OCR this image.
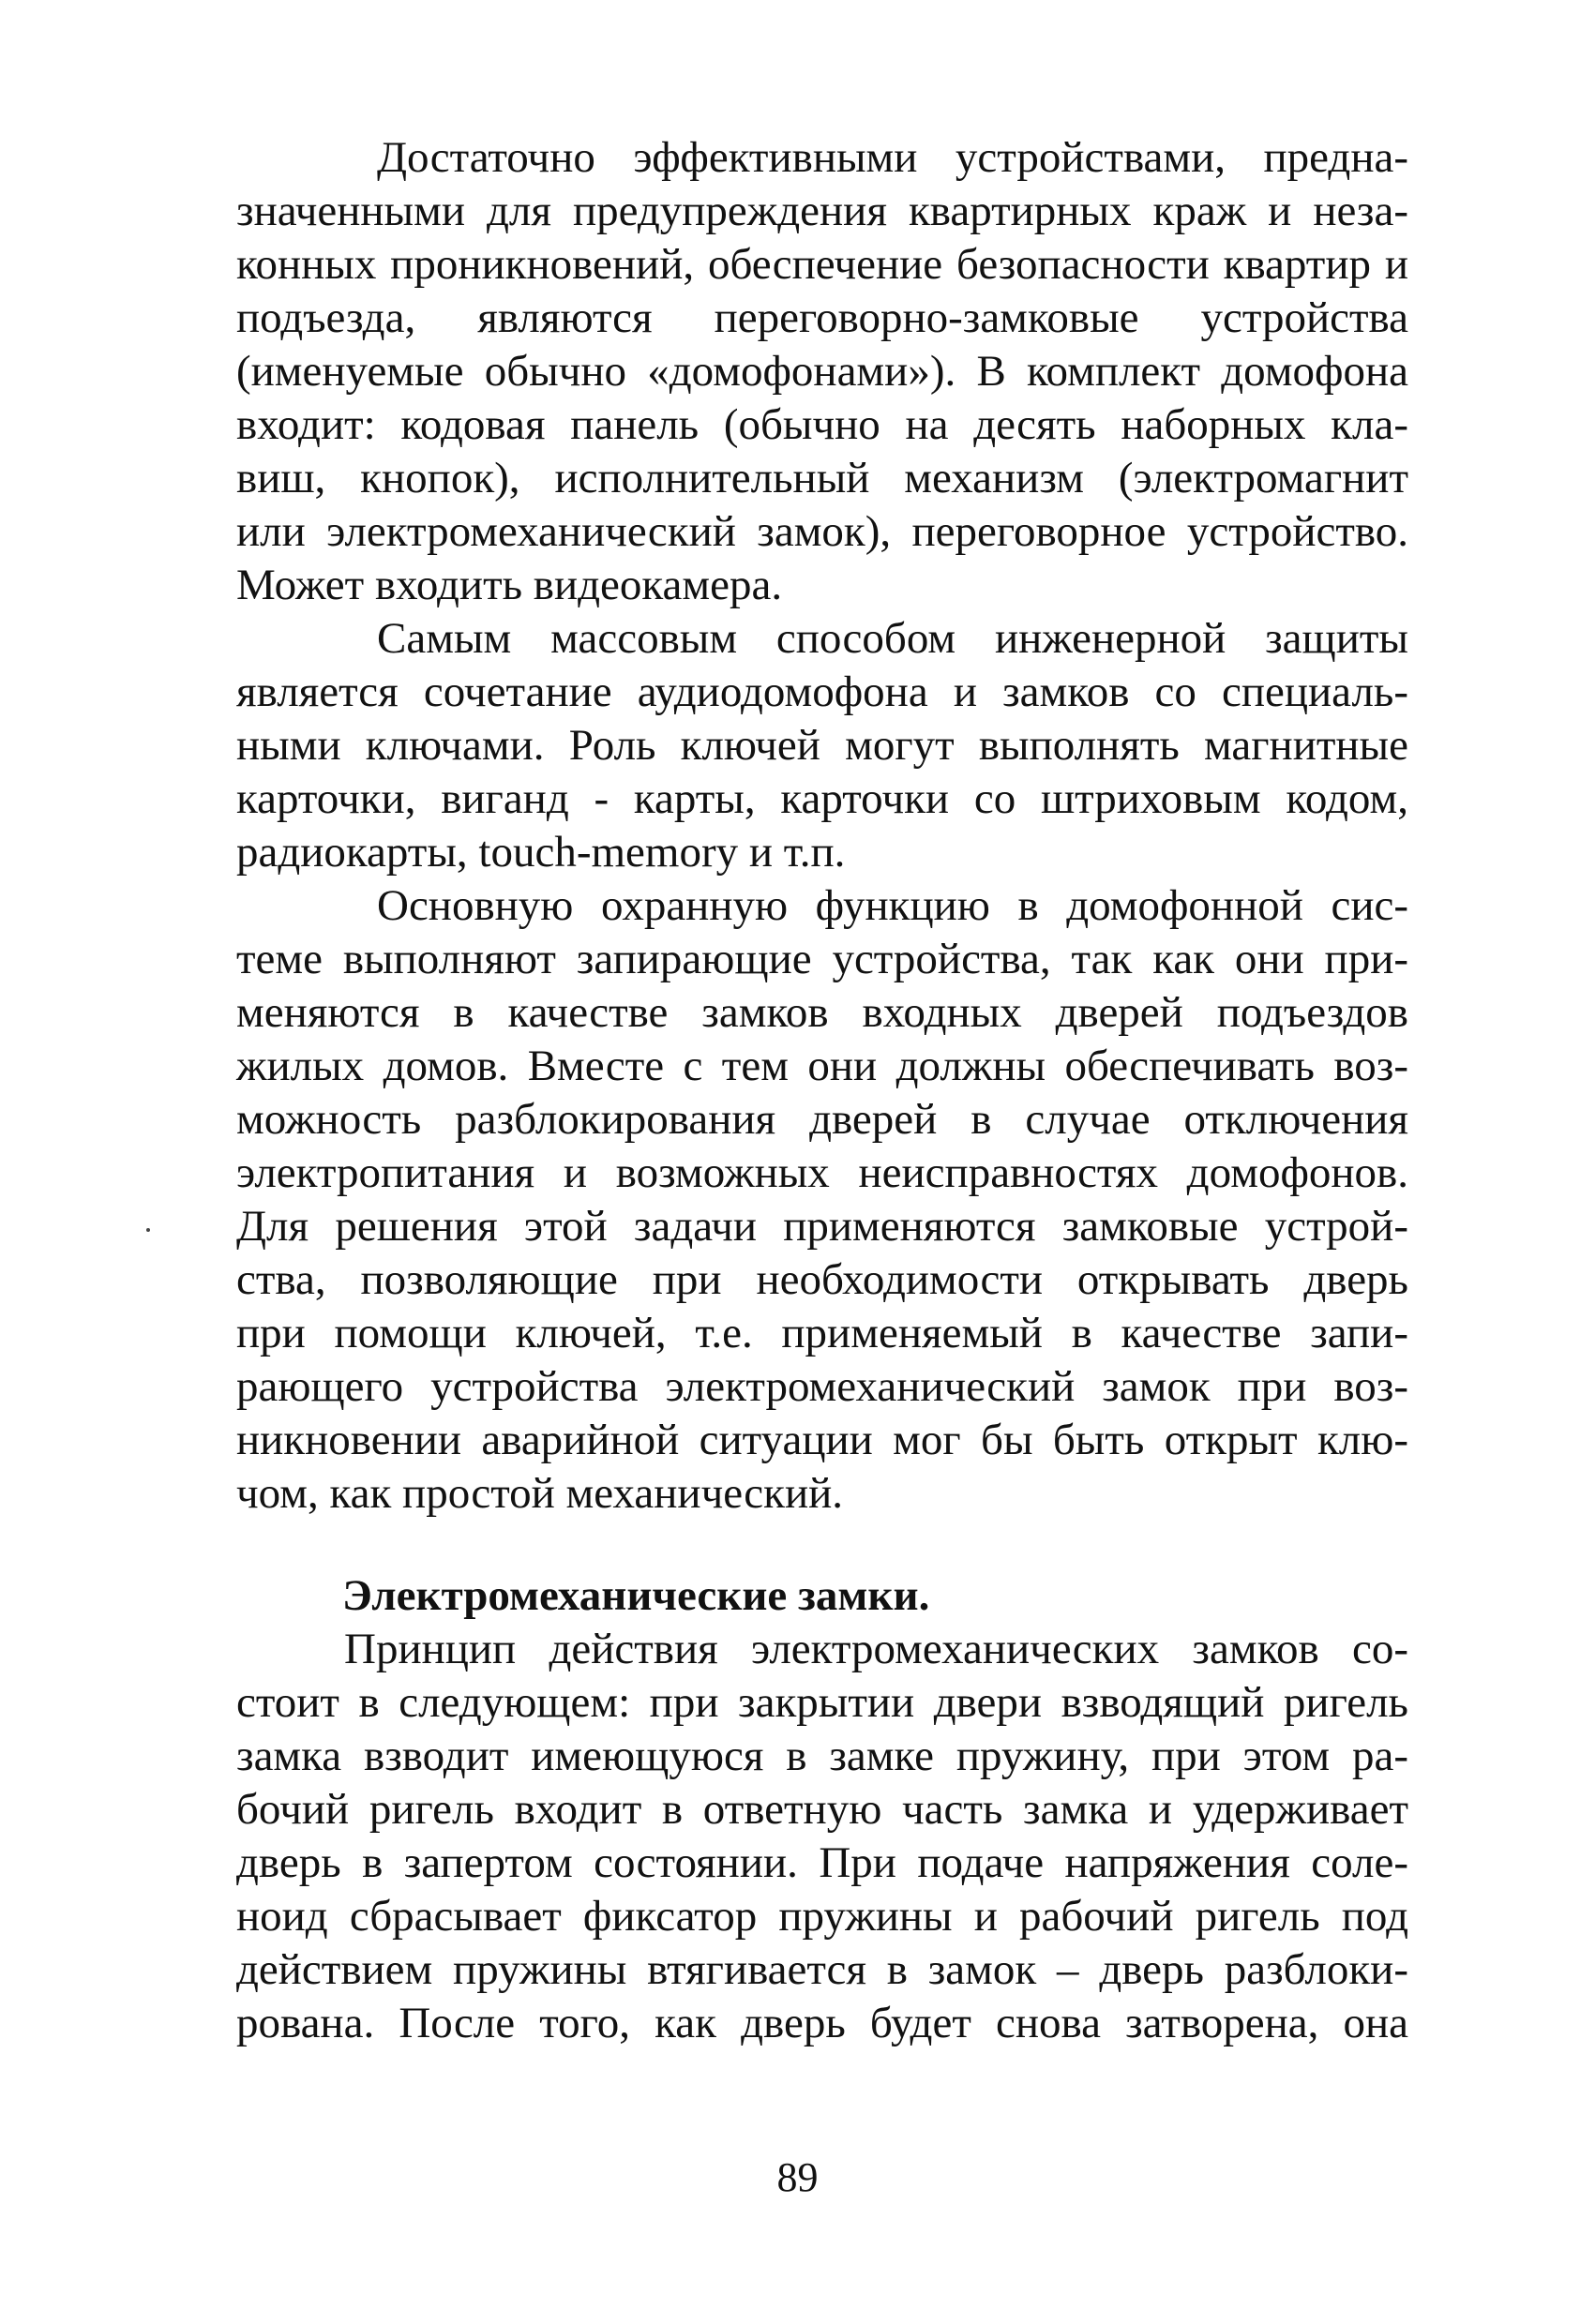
Достаточно эффективными устройствами, предна-
значенными для предупреждения квартирных краж и неза-
конных проникновений, обеспечение безопасности квартир и
подъезда, являются переговорно-замковые устройства
(именуемые обычно «домофонами»). В комплект домофона
входит: кодовая панель (обычно на десять наборных кла-
виш, кнопок), исполнительный механизм (электромагнит
или электромеханический замок), переговорное устройство.
Может входить видеокамера.
Самым массовым способом инженерной защиты
является сочетание аудиодомофона и замков со специаль-
ными ключами. Роль ключей могут выполнять магнитные
карточки, виганд - карты, карточки со штриховым кодом,
радиокарты, touch-memory и т.п.
Основную охранную функцию в домофонной сис-
теме выполняют запирающие устройства, так как они при-
меняются в качестве замков входных дверей подъездов
жилых домов. Вместе с тем они должны обеспечивать воз-
можность разблокирования дверей в случае отключения
электропитания и возможных неисправностях домофонов.
Для решения этой задачи применяются замковые устрой-
ства, позволяющие при необходимости открывать дверь
при помощи ключей, т.е. применяемый в качестве запи-
рающего устройства электромеханический замок при воз-
никновении аварийной ситуации мог бы быть открыт клю-
чом, как простой механический.
Электромеханические замки.
Принцип действия электромеханических замков со-
стоит в следующем: при закрытии двери взводящий ригель
замка взводит имеющуюся в замке пружину, при этом ра-
бочий ригель входит в ответную часть замка и удерживает
дверь в запертом состоянии. При подаче напряжения соле-
ноид сбрасывает фиксатор пружины и рабочий ригель под
действием пружины втягивается в замок – дверь разблоки-
рована. После того, как дверь будет снова затворена, она
89
